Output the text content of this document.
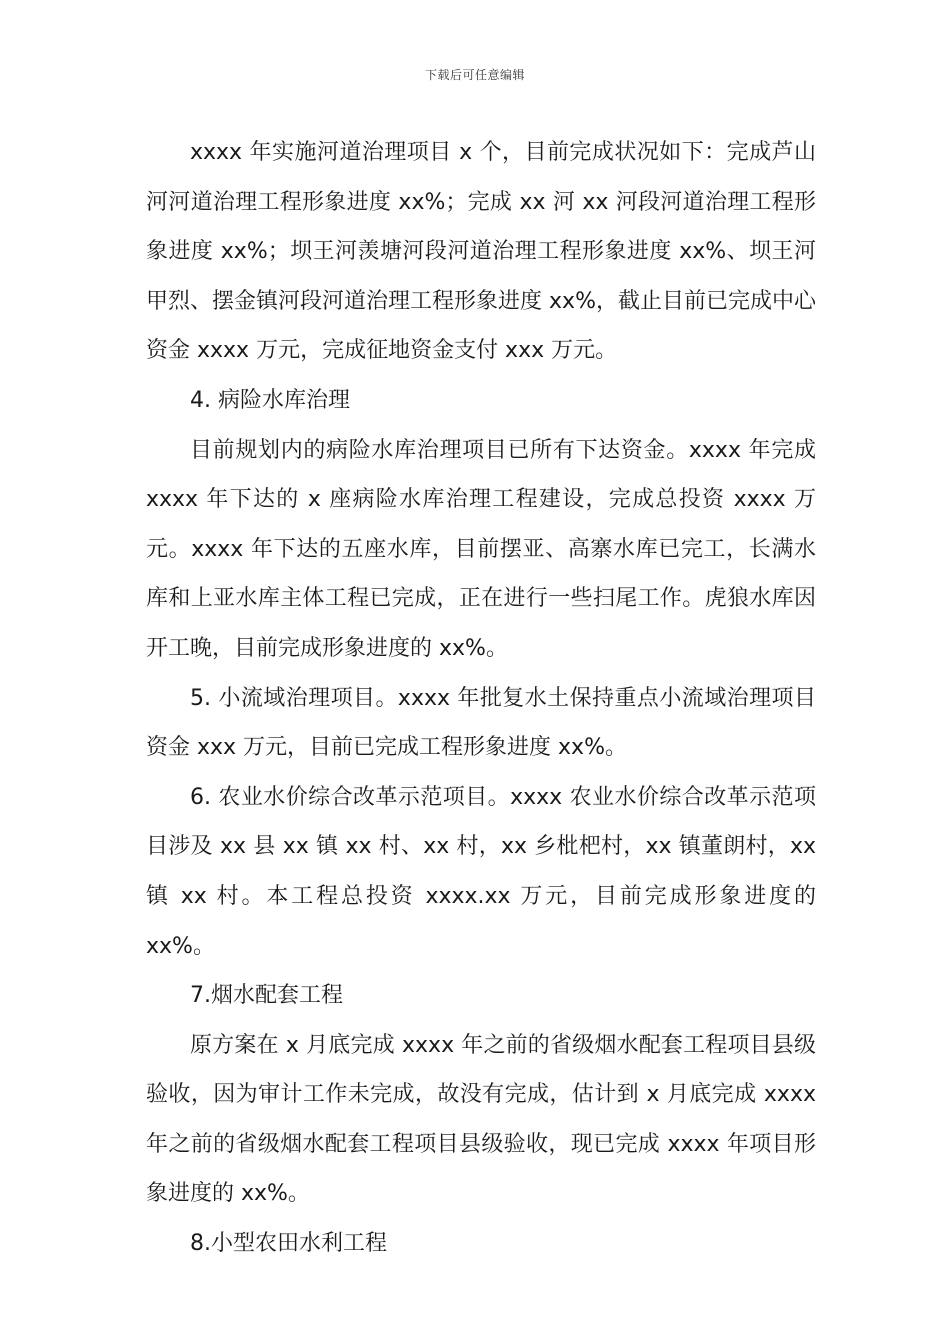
下载后可任意编辑

xxxx 年实施河道治理项目 x 个，目前完成状况如下：完成芦山河河道治理工程形象进度 xx%；完成 xx 河 xx 河段河道治理工程形象进度 xx%；坝王河羡塘河段河道治理工程形象进度 xx%、坝王河甲烈、摆金镇河段河道治理工程形象进度 xx%，截止目前已完成中心资金 xxxx 万元，完成征地资金支付 xxx 万元。

4. 病险水库治理

目前规划内的病险水库治理项目已所有下达资金。xxxx 年完成 xxxx 年下达的 x 座病险水库治理工程建设，完成总投资 xxxx 万元。xxxx 年下达的五座水库，目前摆亚、高寨水库已完工，长满水库和上亚水库主体工程已完成，正在进行一些扫尾工作。虎狼水库因开工晚，目前完成形象进度的 xx%。

5. 小流域治理项目。xxxx 年批复水土保持重点小流域治理项目资金 xxx 万元，目前已完成工程形象进度 xx%。

6. 农业水价综合改革示范项目。xxxx 农业水价综合改革示范项目涉及 xx 县 xx 镇 xx 村、xx 村，xx 乡枇杷村，xx 镇董朗村，xx 镇 xx 村。本工程总投资 xxxx.xx 万元，目前完成形象进度的 xx%。

7.烟水配套工程

原方案在 x 月底完成 xxxx 年之前的省级烟水配套工程项目县级验收，因为审计工作未完成，故没有完成，估计到 x 月底完成 xxxx 年之前的省级烟水配套工程项目县级验收，现已完成 xxxx 年项目形象进度的 xx%。

8.小型农田水利工程
